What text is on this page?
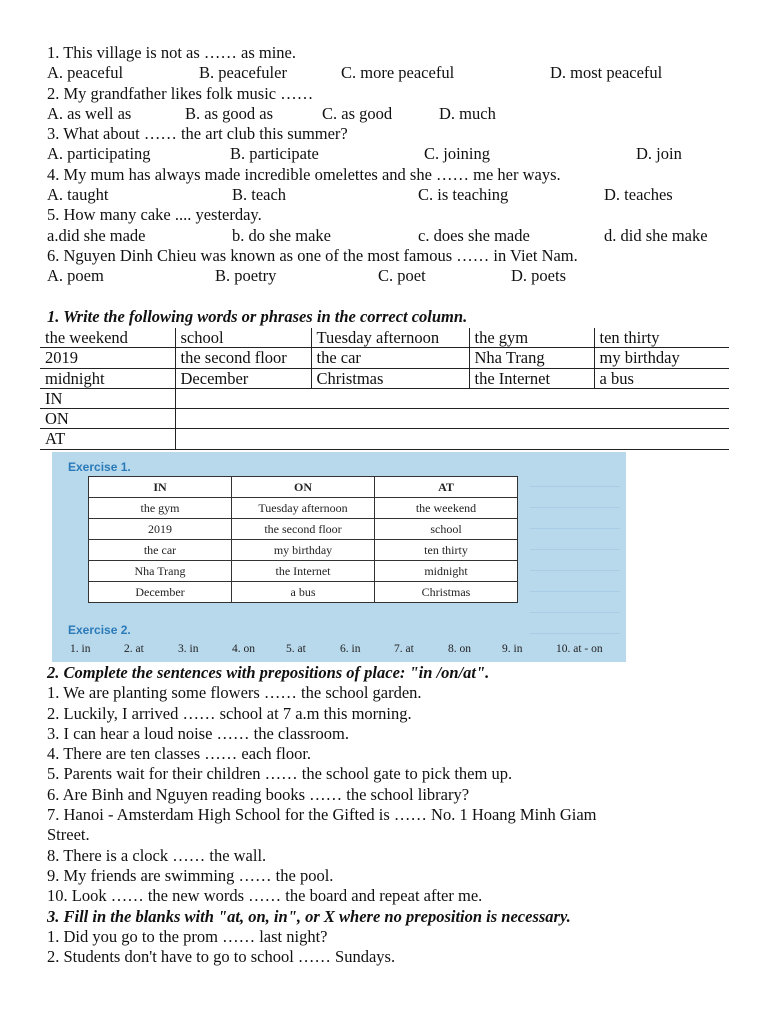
1. This village is not as …… as mine.
A. peaceful	B. peacefuler	C. more peaceful	D. most peaceful
2. My grandfather likes folk music ……
A. as well as	B. as good as	C. as good	D. much
3. What about …… the art club this summer?
A. participating	B. participate	C. joining	D. join
4. My mum has always made incredible omelettes and she …… me her ways.
A. taught	B. teach	C. is teaching	D. teaches
5. How many cake .... yesterday.
a.did she made	b. do she make	c. does she made	d. did she make
6. Nguyen Dinh Chieu was known as one of the most famous …… in Viet Nam.
A. poem	B. poetry	C. poet	D. poets
1. Write the following words or phrases in the correct column.
the weekend	school	Tuesday afternoon	the gym	ten thirty
2019	the second floor	the car	Nha Trang	my birthday
midnight	December	Christmas	the Internet	a bus
IN				
ON				
AT				
Exercise 1.
IN	ON	AT
the gym	Tuesday afternoon	the weekend
2019	the second floor	school
the car	my birthday	ten thirty
Nha Trang	the Internet	midnight
December	a bus	Christmas
Exercise 2.
1. in	2. at	3. in	4. on	5. at	6. in	7. at	8. on	9. in	10. at - on
2. Complete the sentences with prepositions of place: "in /on/at".
1. We are planting some flowers …… the school garden.
2. Luckily, I arrived …… school at 7 a.m this morning.
3. I can hear a loud noise …… the classroom.
4. There are ten classes …… each floor.
5. Parents wait for their children …… the school gate to pick them up.
6. Are Binh and Nguyen reading books …… the school library?
7. Hanoi - Amsterdam High School for the Gifted is …… No. 1 Hoang Minh Giam
Street.
8. There is a clock …… the wall.
9. My friends are swimming …… the pool.
10. Look …… the new words …… the board and repeat after me.
3. Fill in the blanks with "at, on, in", or X where no preposition is necessary.
1. Did you go to the prom …… last night?
2. Students don't have to go to school …… Sundays.
